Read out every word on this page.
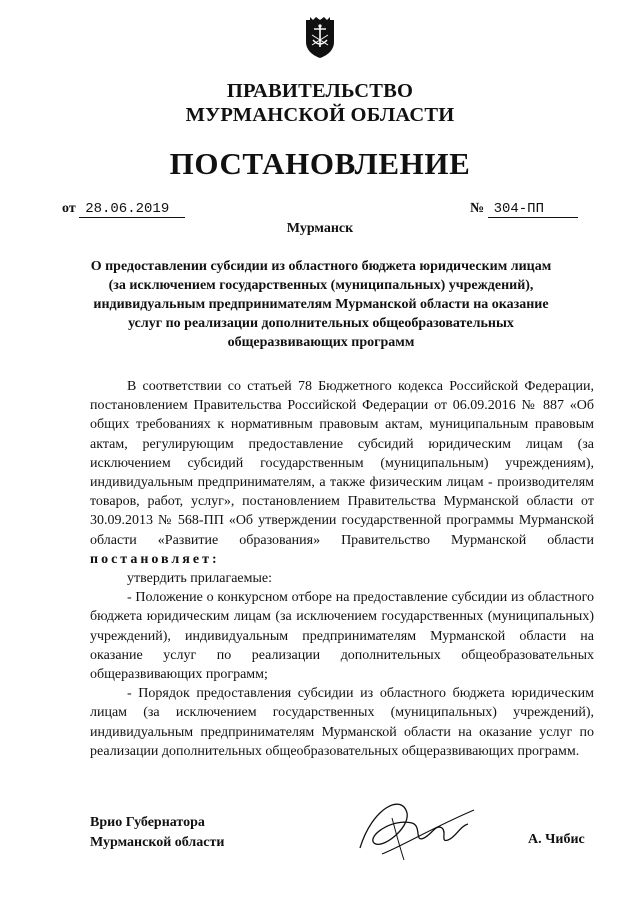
ПРАВИТЕЛЬСТВО
МУРМАНСКОЙ ОБЛАСТИ
ПОСТАНОВЛЕНИЕ
от 28.06.2019	№ 304-ПП
Мурманск
О предоставлении субсидии из областного бюджета юридическим лицам (за исключением государственных (муниципальных) учреждений), индивидуальным предпринимателям Мурманской области на оказание услуг по реализации дополнительных общеобразовательных общеразвивающих программ

В соответствии со статьей 78 Бюджетного кодекса Российской Федерации, постановлением Правительства Российской Федерации от 06.09.2016 № 887 «Об общих требованиях к нормативным правовым актам, муниципальным правовым актам, регулирующим предоставление субсидий юридическим лицам (за исключением субсидий государственным (муниципальным) учреждениям), индивидуальным предпринимателям, а также физическим лицам - производителям товаров, работ, услуг», постановлением Правительства Мурманской области от 30.09.2013 № 568-ПП «Об утверждении государственной программы Мурманской области «Развитие образования» Правительство Мурманской области постановляет:

утвердить прилагаемые:

- Положение о конкурсном отборе на предоставление субсидии из областного бюджета юридическим лицам (за исключением государственных (муниципальных) учреждений), индивидуальным предпринимателям Мурманской области на оказание услуг по реализации дополнительных общеобразовательных общеразвивающих программ;

- Порядок предоставления субсидии из областного бюджета юридическим лицам (за исключением государственных (муниципальных) учреждений), индивидуальным предпринимателям Мурманской области на оказание услуг по реализации дополнительных общеобразовательных общеразвивающих программ.

Врио Губернатора
Мурманской области	А. Чибис
